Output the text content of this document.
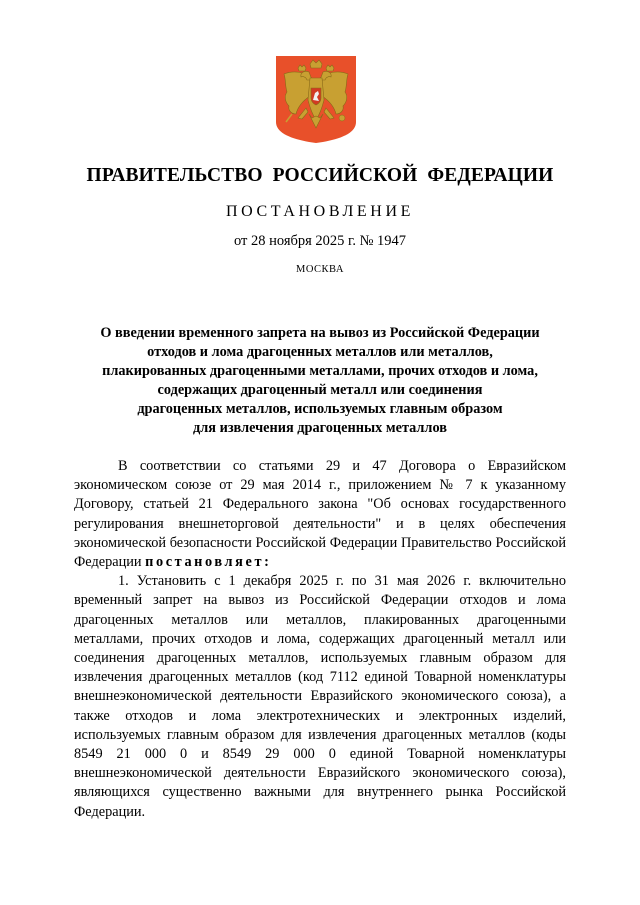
ПРАВИТЕЛЬСТВО РОССИЙСКОЙ ФЕДЕРАЦИИ
ПОСТАНОВЛЕНИЕ
от 28 ноября 2025 г. № 1947
МОСКВА
О введении временного запрета на вывоз из Российской Федерации
отходов и лома драгоценных металлов или металлов,
плакированных драгоценными металлами, прочих отходов и лома,
содержащих драгоценный металл или соединения
драгоценных металлов, используемых главным образом
для извлечения драгоценных металлов

В соответствии со статьями 29 и 47 Договора о Евразийском экономическом союзе от 29 мая 2014 г., приложением № 7 к указанному Договору, статьей 21 Федерального закона "Об основах государственного регулирования внешнеторговой деятельности" и в целях обеспечения экономической безопасности Российской Федерации Правительство Российской Федерации постановляет:

1. Установить с 1 декабря 2025 г. по 31 мая 2026 г. включительно временный запрет на вывоз из Российской Федерации отходов и лома драгоценных металлов или металлов, плакированных драгоценными металлами, прочих отходов и лома, содержащих драгоценный металл или соединения драгоценных металлов, используемых главным образом для извлечения драгоценных металлов (код 7112 единой Товарной номенклатуры внешнеэкономической деятельности Евразийского экономического союза), а также отходов и лома электротехнических и электронных изделий, используемых главным образом для извлечения драгоценных металлов (коды 8549 21 000 0 и 8549 29 000 0 единой Товарной номенклатуры внешнеэкономической деятельности Евразийского экономического союза), являющихся существенно важными для внутреннего рынка Российской Федерации.
